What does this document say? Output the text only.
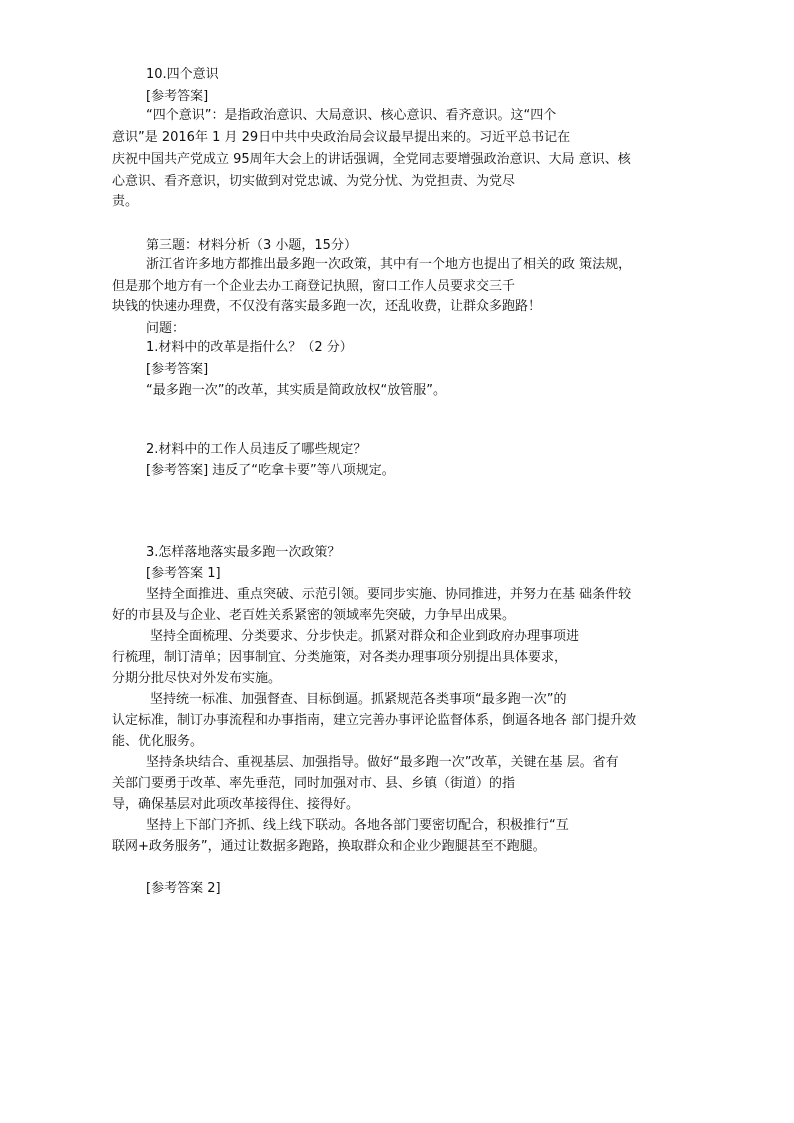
10.四个意识
[参考答案]
“四个意识”：是指政治意识、大局意识、核心意识、看齐意识。这“四个
意识”是 2016年 1 月 29日中共中央政治局会议最早提出来的。习近平总书记在
庆祝中国共产党成立 95周年大会上的讲话强调，全党同志要增强政治意识、大局 意识、核
心意识、看齐意识，切实做到对党忠诚、为党分忧、为党担责、为党尽
责。
第三题：材料分析（3 小题，15分）
浙江省许多地方都推出最多跑一次政策，其中有一个地方也提出了相关的政 策法规，
但是那个地方有一个企业去办工商登记执照，窗口工作人员要求交三千
块钱的快速办理费，不仅没有落实最多跑一次，还乱收费，让群众多跑路！
问题：
1.材料中的改革是指什么？（2 分）
[参考答案]
“最多跑一次”的改革，其实质是简政放权“放管服”。
2.材料中的工作人员违反了哪些规定？
[参考答案] 违反了“吃拿卡要”等八项规定。
3.怎样落地落实最多跑一次政策？
[参考答案 1]
坚持全面推进、重点突破、示范引领。要同步实施、协同推进，并努力在基 础条件较
好的市县及与企业、老百姓关系紧密的领域率先突破，力争早出成果。
坚持全面梳理、分类要求、分步快走。抓紧对群众和企业到政府办理事项进
行梳理，制订清单；因事制宜、分类施策，对各类办理事项分别提出具体要求，
分期分批尽快对外发布实施。
坚持统一标准、加强督查、目标倒逼。抓紧规范各类事项“最多跑一次”的
认定标准，制订办事流程和办事指南，建立完善办事评论监督体系，倒逼各地各 部门提升效
能、优化服务。
坚持条块结合、重视基层、加强指导。做好“最多跑一次”改革，关键在基 层。省有
关部门要勇于改革、率先垂范，同时加强对市、县、乡镇（街道）的指
导，确保基层对此项改革接得住、接得好。
坚持上下部门齐抓、线上线下联动。各地各部门要密切配合，积极推行“互
联网+政务服务”，通过让数据多跑路，换取群众和企业少跑腿甚至不跑腿。
[参考答案 2]
